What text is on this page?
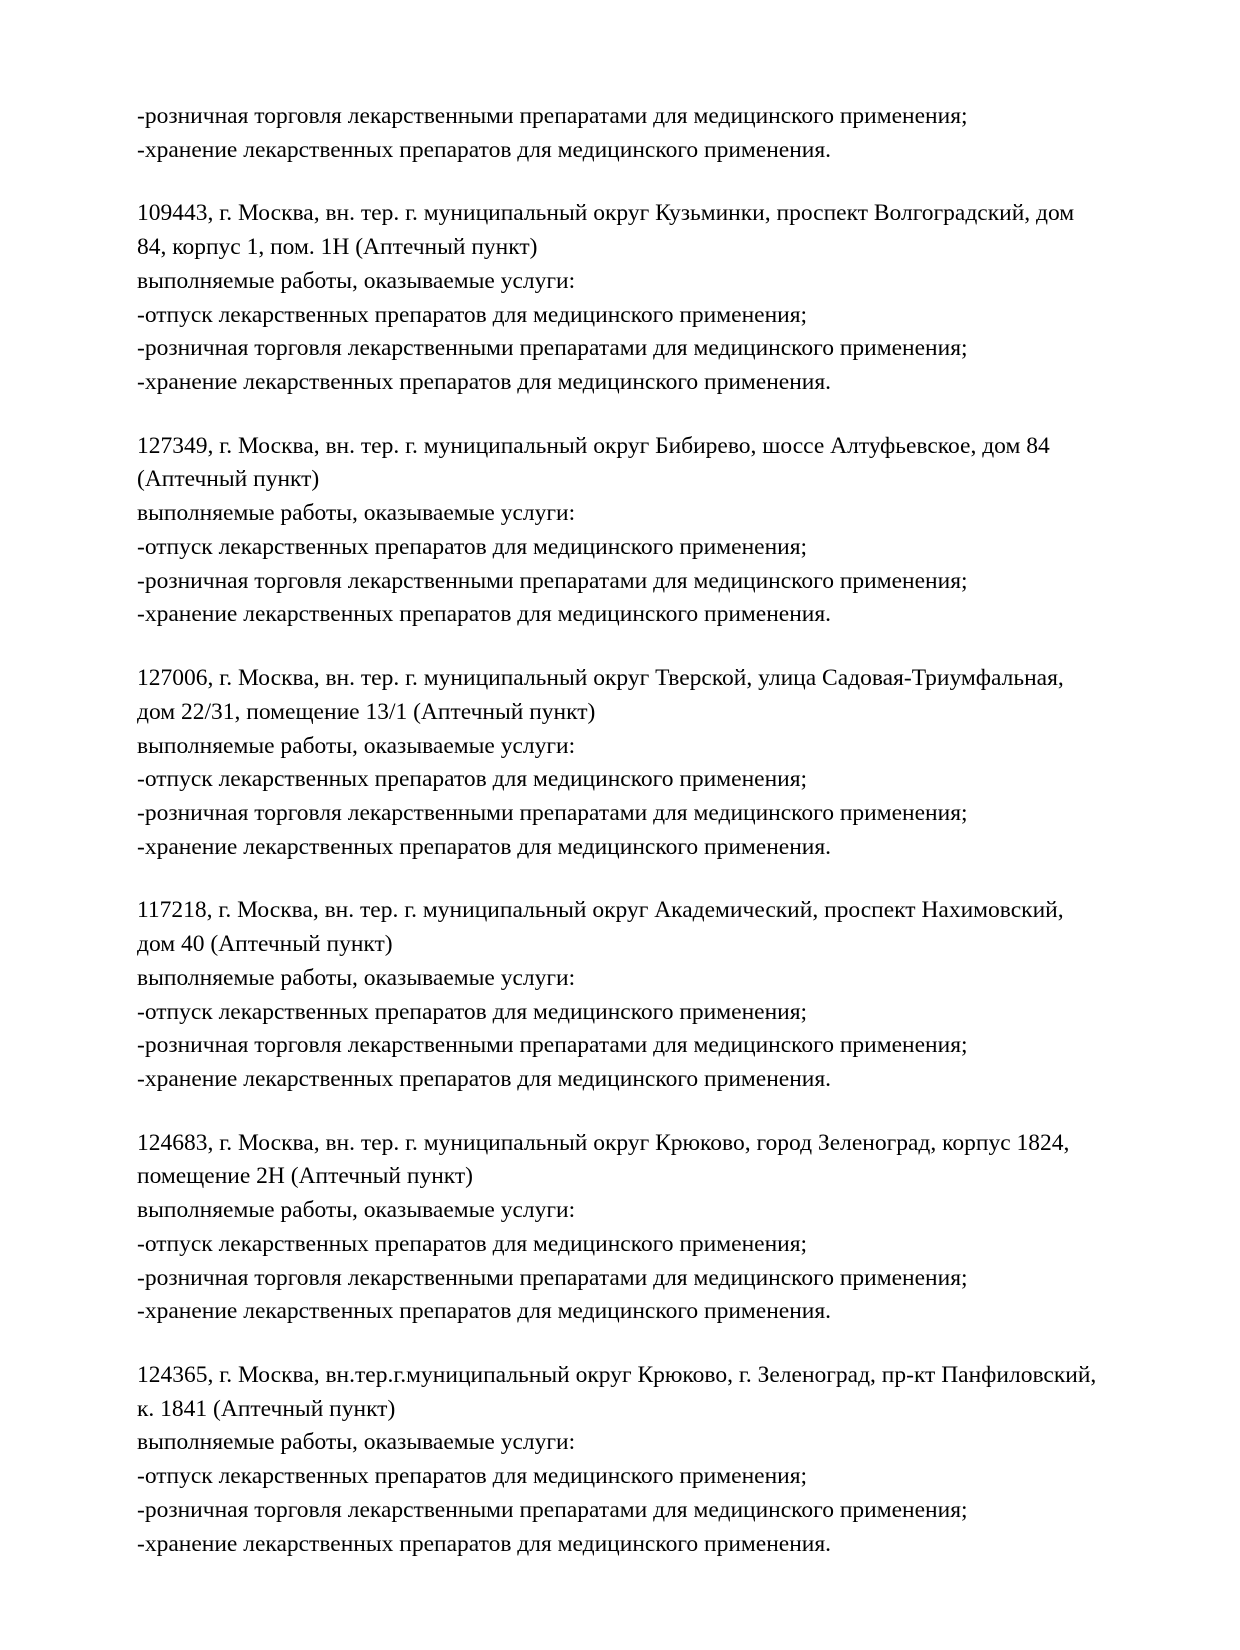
-розничная торговля лекарственными препаратами для медицинского применения;

-хранение лекарственных препаратов для медицинского применения.

109443, г. Москва, вн. тер. г. муниципальный округ Кузьминки, проспект Волгоградский, дом 84, корпус 1, пом. 1Н (Аптечный пункт)

выполняемые работы, оказываемые услуги:

-отпуск лекарственных препаратов для медицинского применения;

-розничная торговля лекарственными препаратами для медицинского применения;

-хранение лекарственных препаратов для медицинского применения.

127349, г. Москва, вн. тер. г. муниципальный округ Бибирево, шоссе Алтуфьевское, дом 84 (Аптечный пункт)

выполняемые работы, оказываемые услуги:

-отпуск лекарственных препаратов для медицинского применения;

-розничная торговля лекарственными препаратами для медицинского применения;

-хранение лекарственных препаратов для медицинского применения.

127006, г. Москва, вн. тер. г. муниципальный округ Тверской, улица Садовая-Триумфальная, дом 22/31, помещение 13/1 (Аптечный пункт)

выполняемые работы, оказываемые услуги:

-отпуск лекарственных препаратов для медицинского применения;

-розничная торговля лекарственными препаратами для медицинского применения;

-хранение лекарственных препаратов для медицинского применения.

117218, г. Москва, вн. тер. г. муниципальный округ Академический, проспект Нахимовский, дом 40 (Аптечный пункт)

выполняемые работы, оказываемые услуги:

-отпуск лекарственных препаратов для медицинского применения;

-розничная торговля лекарственными препаратами для медицинского применения;

-хранение лекарственных препаратов для медицинского применения.

124683, г. Москва, вн. тер. г. муниципальный округ Крюково, город Зеленоград, корпус 1824, помещение 2Н (Аптечный пункт)

выполняемые работы, оказываемые услуги:

-отпуск лекарственных препаратов для медицинского применения;

-розничная торговля лекарственными препаратами для медицинского применения;

-хранение лекарственных препаратов для медицинского применения.

124365, г. Москва, вн.тер.г.муниципальный округ Крюково, г. Зеленоград, пр-кт Панфиловский, к. 1841 (Аптечный пункт)

выполняемые работы, оказываемые услуги:

-отпуск лекарственных препаратов для медицинского применения;

-розничная торговля лекарственными препаратами для медицинского применения;

-хранение лекарственных препаратов для медицинского применения.
